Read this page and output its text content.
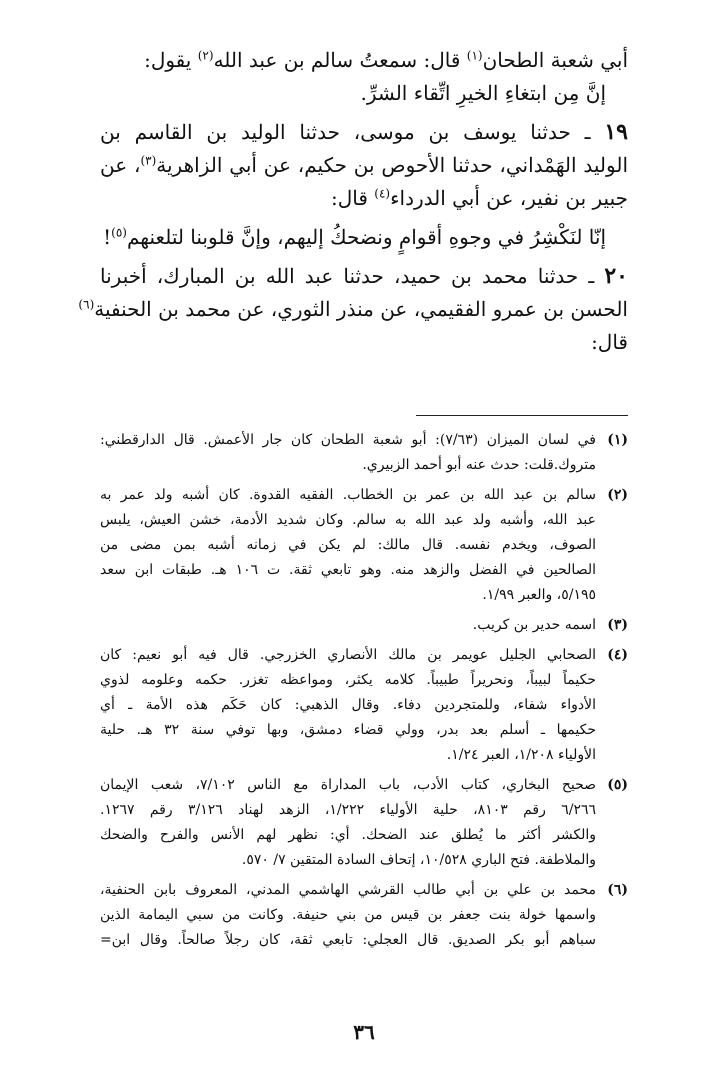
أبي شعبة الطحان$^{(١)}$ قال: سمعتُ سالم بن عبد الله$^{(٢)}$ يقول:

إنَّ مِن ابتغاءِ الخيرِ اتِّقاء الشرِّ.

١٩ ـ حدثنا يوسف بن موسى، حدثنا الوليد بن القاسم بن

الوليد الهَمْداني، حدثنا الأحوص بن حكيم، عن أبي الزاهرية$^{(٣)}$، عن

جبير بن نفير، عن أبي الدرداء$^{(٤)}$ قال:

إنّا لنَكْشِرُ في وجوهِ أقوامٍ ونضحكُ إليهم، وإنَّ قلوبنا لتلعنهم$^{(٥)}$!

٢٠ ـ حدثنا محمد بن حميد، حدثنا عبد الله بن المبارك، أخبرنا

الحسن بن عمرو الفقيمي، عن منذر الثوري، عن محمد بن الحنفية$^{(٦)}$

قال:

(١)
في لسان الميزان (٧/٦٣): أبو شعبة الطحان كان جار الأعمش. قال الدارقطني:
متروك.قلت: حدث عنه أبو أحمد الزبيري.
(٢)
سالم بن عبد الله بن عمر بن الخطاب. الفقيه القدوة. كان أشبه ولد عمر به
عبد الله، وأشبه ولد عبد الله به سالم. وكان شديد الأدمة، خشن العيش، يلبس
الصوف، ويخدم نفسه. قال مالك: لم يكن في زمانه أشبه بمن مضى من
الصالحين في الفضل والزهد منه. وهو تابعي ثقة. ت ١٠٦ هـ. طبقات ابن سعد
٥/١٩٥، والعبر ١/٩٩.
(٣)
اسمه حدير بن كريب.
(٤)
الصحابي الجليل عويمر بن مالك الأنصاري الخزرجي. قال فيه أبو نعيم: كان
حكيماً لبيباً، ونحريراً طبيباً. كلامه يكثر، ومواعظه تغزر. حكمه وعلومه لذوي
الأدواء شفاء، وللمتجردين دفاء. وقال الذهبي: كان حَكَم هذه الأمة ـ أي
حكيمها ـ أسلم بعد بدر، وولي قضاء دمشق، وبها توفي سنة ٣٢ هـ. حلية
الأولياء ١/٢٠٨، العبر ١/٢٤.
(٥)
صحيح البخاري، كتاب الأدب، باب المداراة مع الناس ٧/١٠٢، شعب الإيمان
٦/٢٦٦ رقم ٨١٠٣، حلية الأولياء ١/٢٢٢، الزهد لهناد ٣/١٢٦ رقم ١٢٦٧.
والكشر أكثر ما يُطلق عند الضحك. أي: نظهر لهم الأنس والفرح والضحك
والملاطفة. فتح الباري ١٠/٥٢٨، إتحاف السادة المتقين ٧/ ٥٧٠.
(٦)
محمد بن علي بن أبي طالب القرشي الهاشمي المدني، المعروف بابن الحنفية،
واسمها خولة بنت جعفر بن قيس من بني حنيفة. وكانت من سبي اليمامة الذين
سباهم أبو بكر الصديق. قال العجلي: تابعي ثقة، كان رجلاً صالحاً. وقال ابن=
٣٦
